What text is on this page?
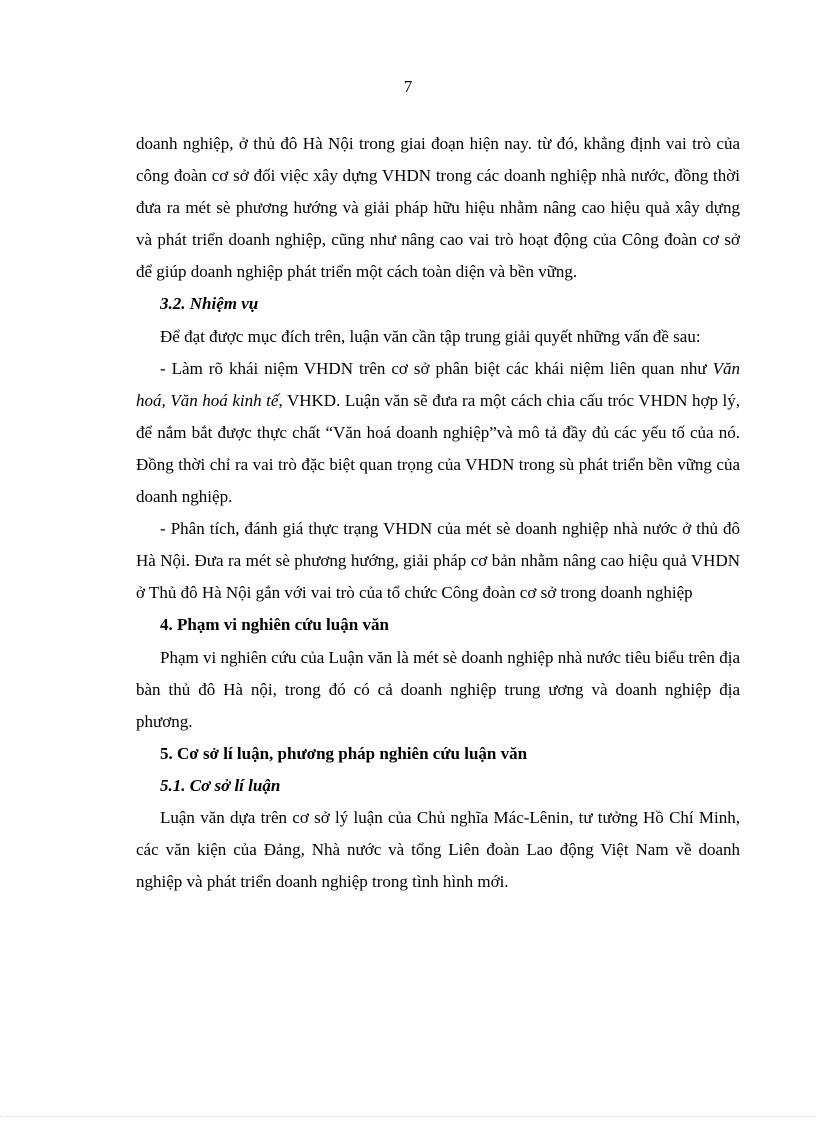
7

doanh nghiệp, ở thủ đô Hà Nội trong giai đoạn hiện nay. từ đó, khẳng định vai trò của công đoàn cơ sở đối việc xây dựng VHDN trong các doanh nghiệp nhà nước, đồng thời đưa ra mét sè phương hướng và giải pháp hữu hiệu nhằm nâng cao hiệu quả xây dựng và phát triển doanh nghiệp, cũng như nâng cao vai trò hoạt động của Công đoàn cơ sở để giúp doanh nghiệp phát triển một cách toàn diện và bền vững.

3.2. Nhiệm vụ

Để đạt được mục đích trên, luận văn cần tập trung giải quyết những vấn đề sau:

- Làm rõ khái niệm VHDN trên cơ sở phân biệt các khái niệm liên quan như Văn hoá, Văn hoá kinh tế, VHKD. Luận văn sẽ đưa ra một cách chia cấu tróc VHDN hợp lý, để nắm bắt được thực chất “Văn hoá doanh nghiệp”và mô tả đầy đủ các yếu tố của nó. Đồng thời chỉ ra vai trò đặc biệt quan trọng của VHDN trong sù phát triển bền vững của doanh nghiệp.

- Phân tích, đánh giá thực trạng VHDN của mét sè doanh nghiệp nhà nước ở thủ đô Hà Nội. Đưa ra mét sè phương hướng, giải pháp cơ bản nhằm nâng cao hiệu quả VHDN ở Thủ đô Hà Nội gắn với vai trò của tổ chức Công đoàn cơ sở trong doanh nghiệp

4. Phạm vi nghiên cứu luận văn

Phạm vi nghiên cứu của Luận văn là mét sè doanh nghiệp nhà nước tiêu biểu trên địa bàn thủ đô Hà nội, trong đó có cả doanh nghiệp trung ương và doanh nghiệp địa phương.

5. Cơ sở lí luận, phương pháp nghiên cứu luận văn

5.1. Cơ sở lí luận

Luận văn dựa trên cơ sở lý luận của Chủ nghĩa Mác-Lênin, tư tưởng Hồ Chí Minh, các văn kiện của Đảng, Nhà nước và tổng Liên đoàn Lao động Việt Nam về doanh nghiệp và phát triển doanh nghiệp trong tình hình mới.
